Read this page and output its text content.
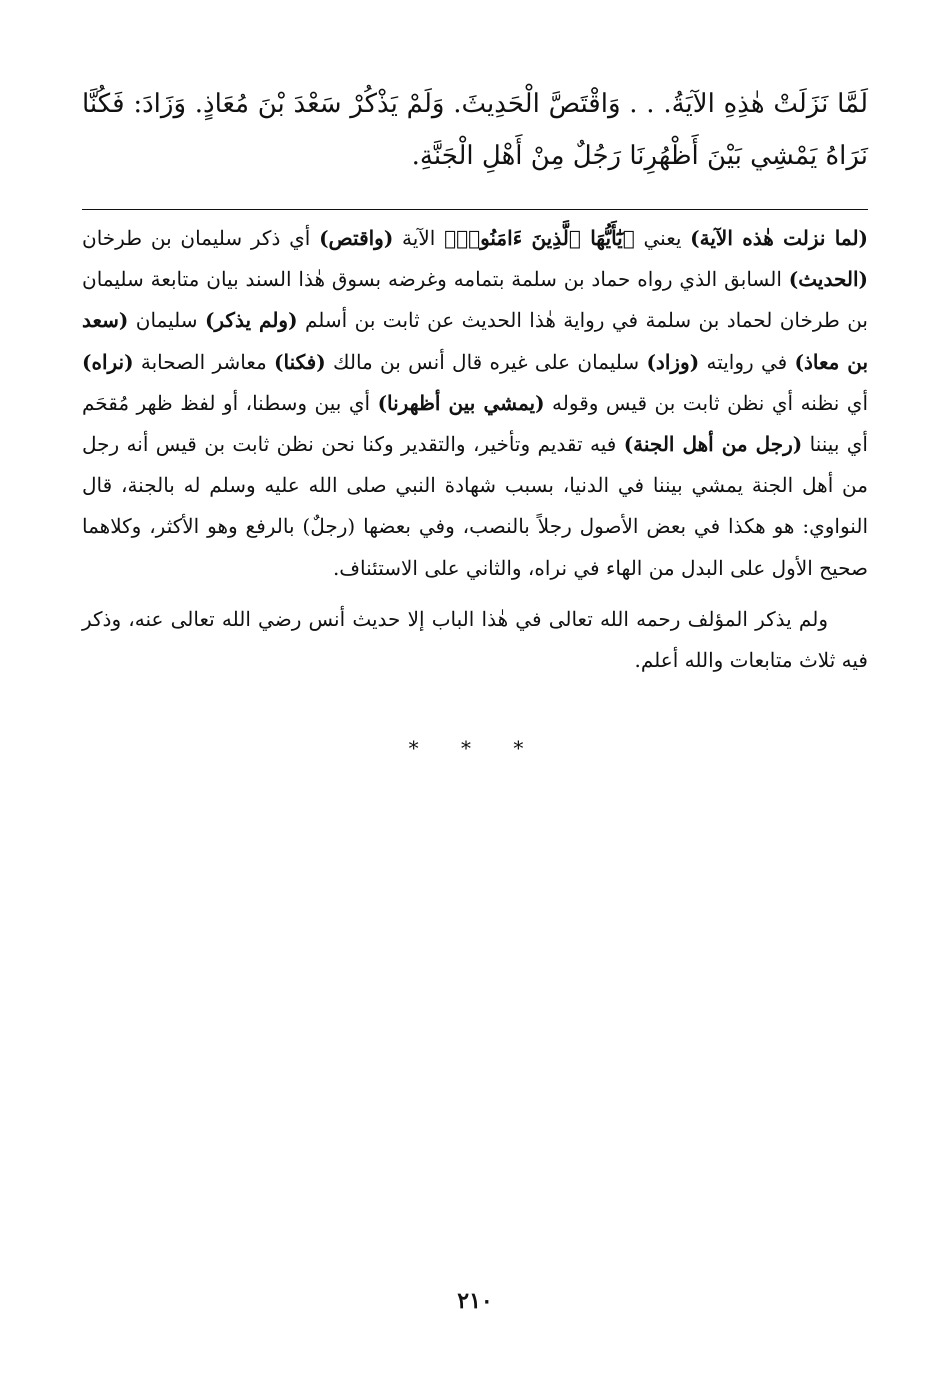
لَمَّا نَزَلَتْ هٰذِهِ الآيَةُ. . . وَاقْتَصَّ الْحَدِيثَ. وَلَمْ يَذْكُرْ سَعْدَ بْنَ مُعَاذٍ. وَزَادَ: فَكُنَّا نَرَاهُ يَمْشِي بَيْنَ أَظْهُرِنَا رَجُلٌ مِنْ أَهْلِ الْجَنَّةِ.

(لما نزلت هٰذه الآية) يعني ﴿يَٰٓأَيُّهَا ٱلَّذِينَ ءَامَنُوا۟﴾ الآية (واقتص) أي ذكر سليمان بن طرخان (الحديث) السابق الذي رواه حماد بن سلمة بتمامه وغرضه بسوق هٰذا السند بيان متابعة سليمان بن طرخان لحماد بن سلمة في رواية هٰذا الحديث عن ثابت بن أسلم (ولم يذكر) سليمان (سعد بن معاذ) في روايته (وزاد) سليمان على غيره قال أنس بن مالك (فكنا) معاشر الصحابة (نراه) أي نظنه أي نظن ثابت بن قيس وقوله (يمشي بين أظهرنا) أي بين وسطنا، أو لفظ ظهر مُقحَم أي بيننا (رجل من أهل الجنة) فيه تقديم وتأخير، والتقدير وكنا نحن نظن ثابت بن قيس أنه رجل من أهل الجنة يمشي بيننا في الدنيا، بسبب شهادة النبي صلى الله عليه وسلم له بالجنة، قال النواوي: هو هكذا في بعض الأصول رجلاً بالنصب، وفي بعضها (رجلٌ) بالرفع وهو الأكثر، وكلاهما صحيح الأول على البدل من الهاء في نراه، والثاني على الاستئناف.

ولم يذكر المؤلف رحمه الله تعالى في هٰذا الباب إلا حديث أنس رضي الله تعالى عنه، وذكر فيه ثلاث متابعات والله أعلم.

* * *
٢١٠
